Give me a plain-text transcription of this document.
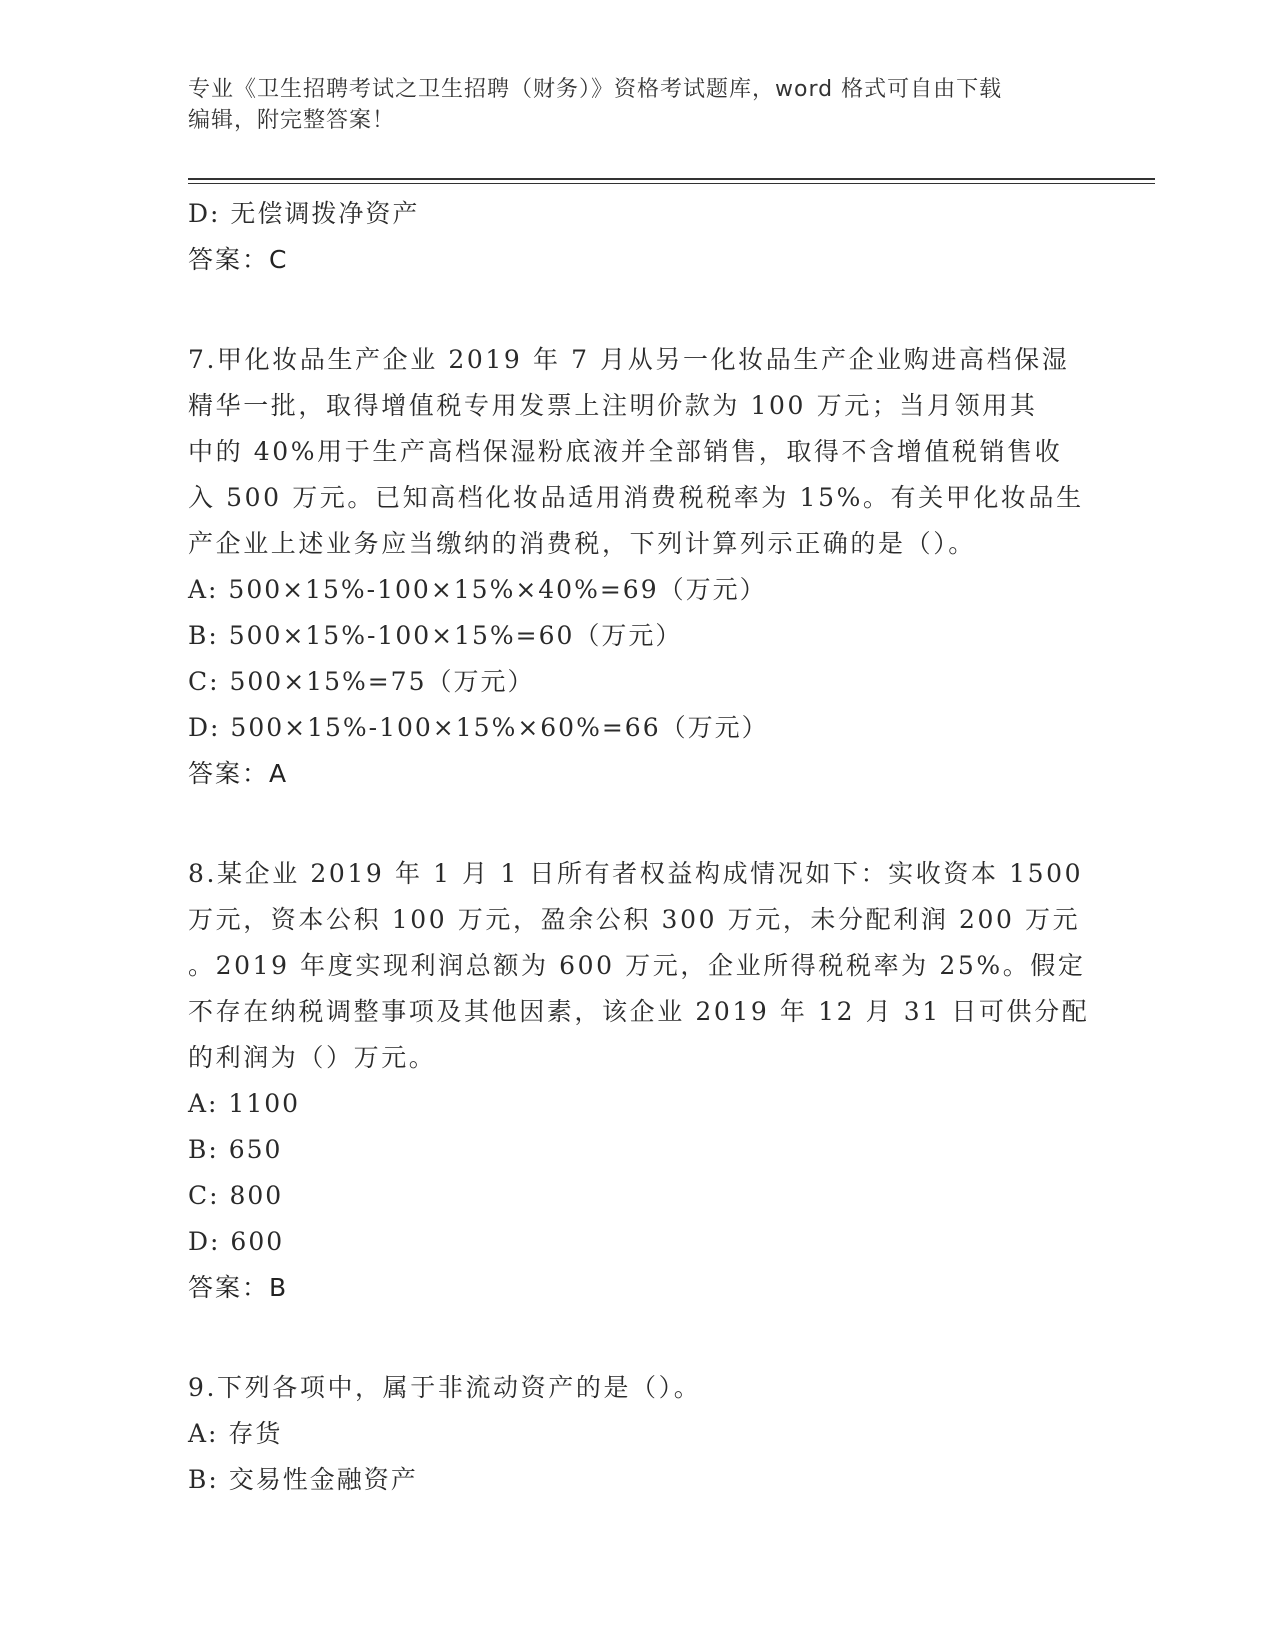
专业《卫生招聘考试之卫生招聘（财务）》资格考试题库，word 格式可自由下载
编辑，附完整答案！
D: 无偿调拨净资产
答案：C
7.甲化妆品生产企业 2019 年 7 月从另一化妆品生产企业购进高档保湿
精华一批，取得增值税专用发票上注明价款为 100 万元；当月领用其
中的 40%用于生产高档保湿粉底液并全部销售，取得不含增值税销售收
入 500 万元。已知高档化妆品适用消费税税率为 15%。有关甲化妆品生
产企业上述业务应当缴纳的消费税，下列计算列示正确的是（）。
A: 500×15%-100×15%×40%=69（万元）
B: 500×15%-100×15%=60（万元）
C: 500×15%=75（万元）
D: 500×15%-100×15%×60%=66（万元）
答案：A
8.某企业 2019 年 1 月 1 日所有者权益构成情况如下：实收资本 1500
万元，资本公积 100 万元，盈余公积 300 万元，未分配利润 200 万元
。2019 年度实现利润总额为 600 万元，企业所得税税率为 25%。假定
不存在纳税调整事项及其他因素，该企业 2019 年 12 月 31 日可供分配
的利润为（）万元。
A: 1100
B: 650
C: 800
D: 600
答案：B
9.下列各项中，属于非流动资产的是（）。
A: 存货
B: 交易性金融资产
